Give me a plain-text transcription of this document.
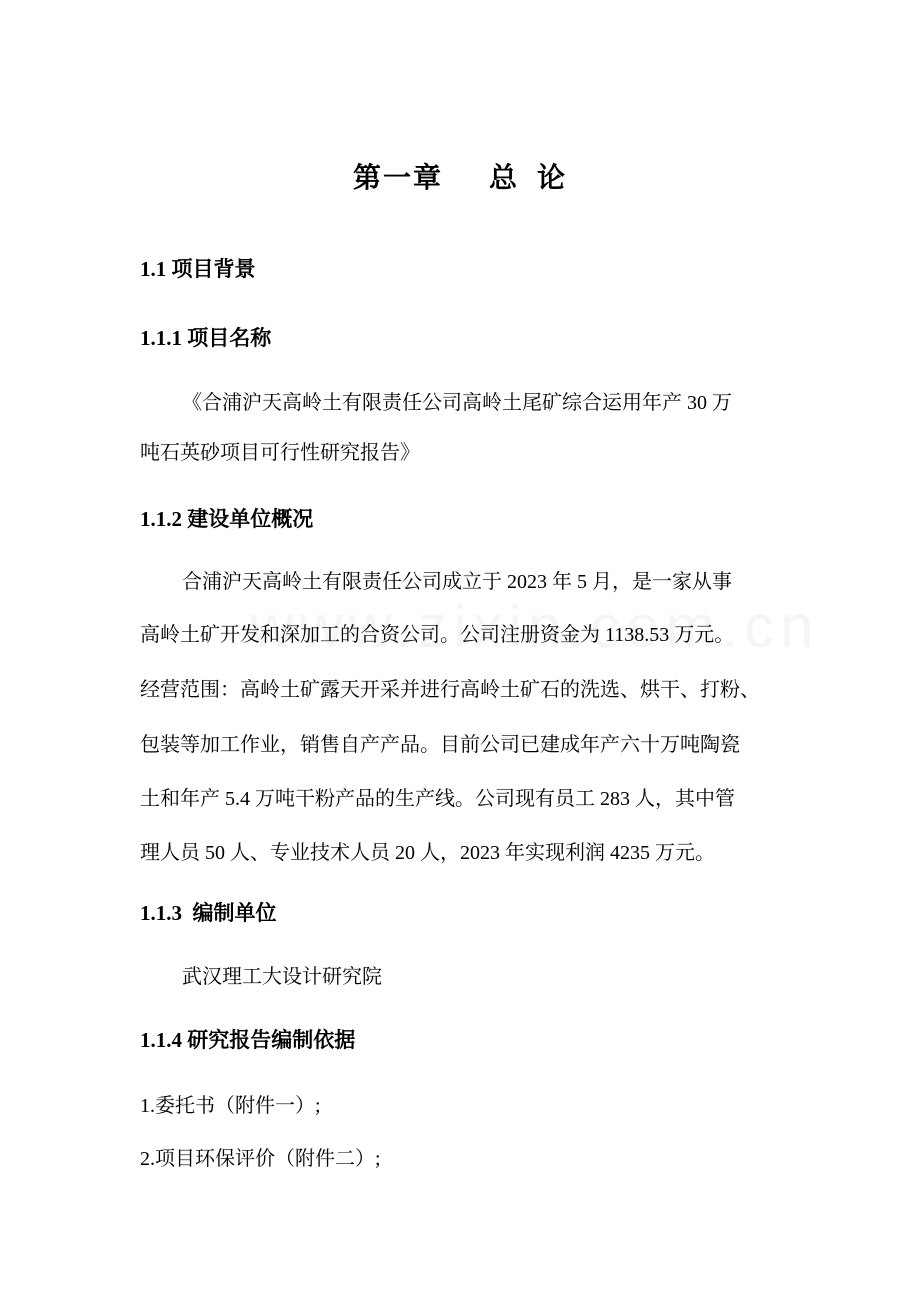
第一章 总  论
1.1 项目背景
1.1.1 项目名称
《合浦沪天高岭土有限责任公司高岭土尾矿综合运用年产 30 万
吨石英砂项目可行性研究报告》
1.1.2 建设单位概况
合浦沪天高岭土有限责任公司成立于 2023 年 5 月，是一家从事
高岭土矿开发和深加工的合资公司。公司注册资金为 1138.53 万元。
经营范围：高岭土矿露天开采并进行高岭土矿石的洗选、烘干、打粉、
包装等加工作业，销售自产产品。目前公司已建成年产六十万吨陶瓷
土和年产 5.4 万吨干粉产品的生产线。公司现有员工 283 人，其中管
理人员 50 人、专业技术人员 20 人，2023 年实现利润 4235 万元。
1.1.3  编制单位
武汉理工大设计研究院
1.1.4 研究报告编制依据
1.委托书（附件一）;
2.项目环保评价（附件二）;
